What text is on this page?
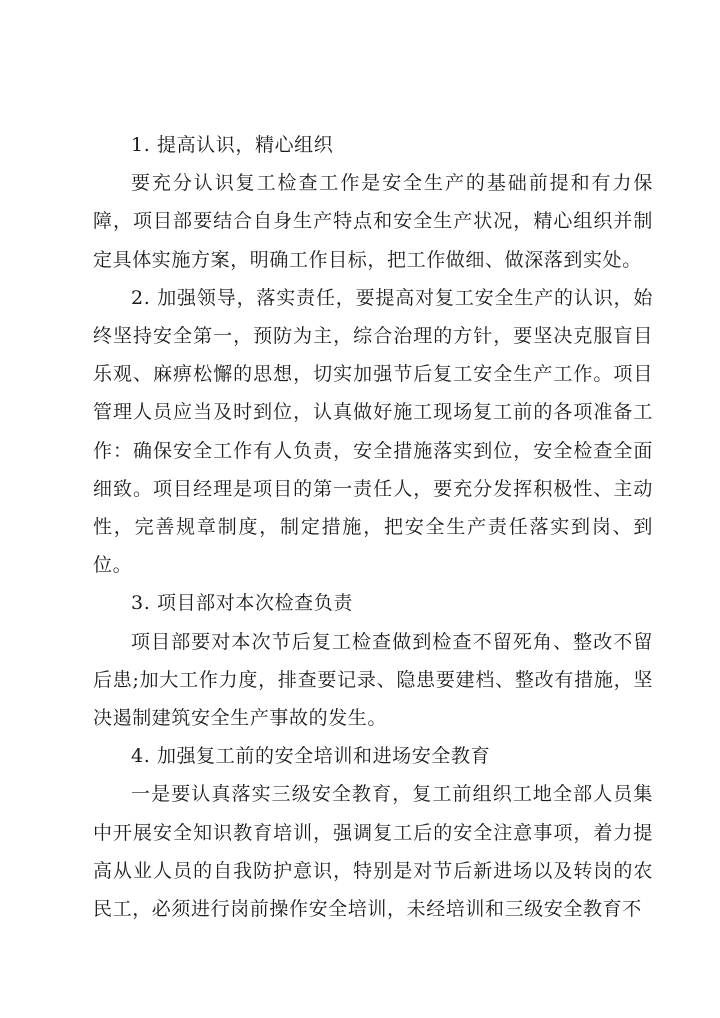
1. 提高认识，精心组织

要充分认识复工检查工作是安全生产的基础前提和有力保障，项目部要结合自身生产特点和安全生产状况，精心组织并制定具体实施方案，明确工作目标，把工作做细、做深落到实处。

2. 加强领导，落实责任，要提高对复工安全生产的认识，始终坚持安全第一，预防为主，综合治理的方针，要坚决克服盲目乐观、麻痹松懈的思想，切实加强节后复工安全生产工作。项目管理人员应当及时到位，认真做好施工现场复工前的各项准备工作：确保安全工作有人负责，安全措施落实到位，安全检查全面细致。项目经理是项目的第一责任人，要充分发挥积极性、主动性，完善规章制度，制定措施，把安全生产责任落实到岗、到位。

3. 项目部对本次检查负责

项目部要对本次节后复工检查做到检查不留死角、整改不留后患;加大工作力度，排查要记录、隐患要建档、整改有措施，坚决遏制建筑安全生产事故的发生。

4. 加强复工前的安全培训和进场安全教育

一是要认真落实三级安全教育，复工前组织工地全部人员集中开展安全知识教育培训，强调复工后的安全注意事项，着力提高从业人员的自我防护意识，特别是对节后新进场以及转岗的农民工，必须进行岗前操作安全培训，未经培训和三级安全教育不
